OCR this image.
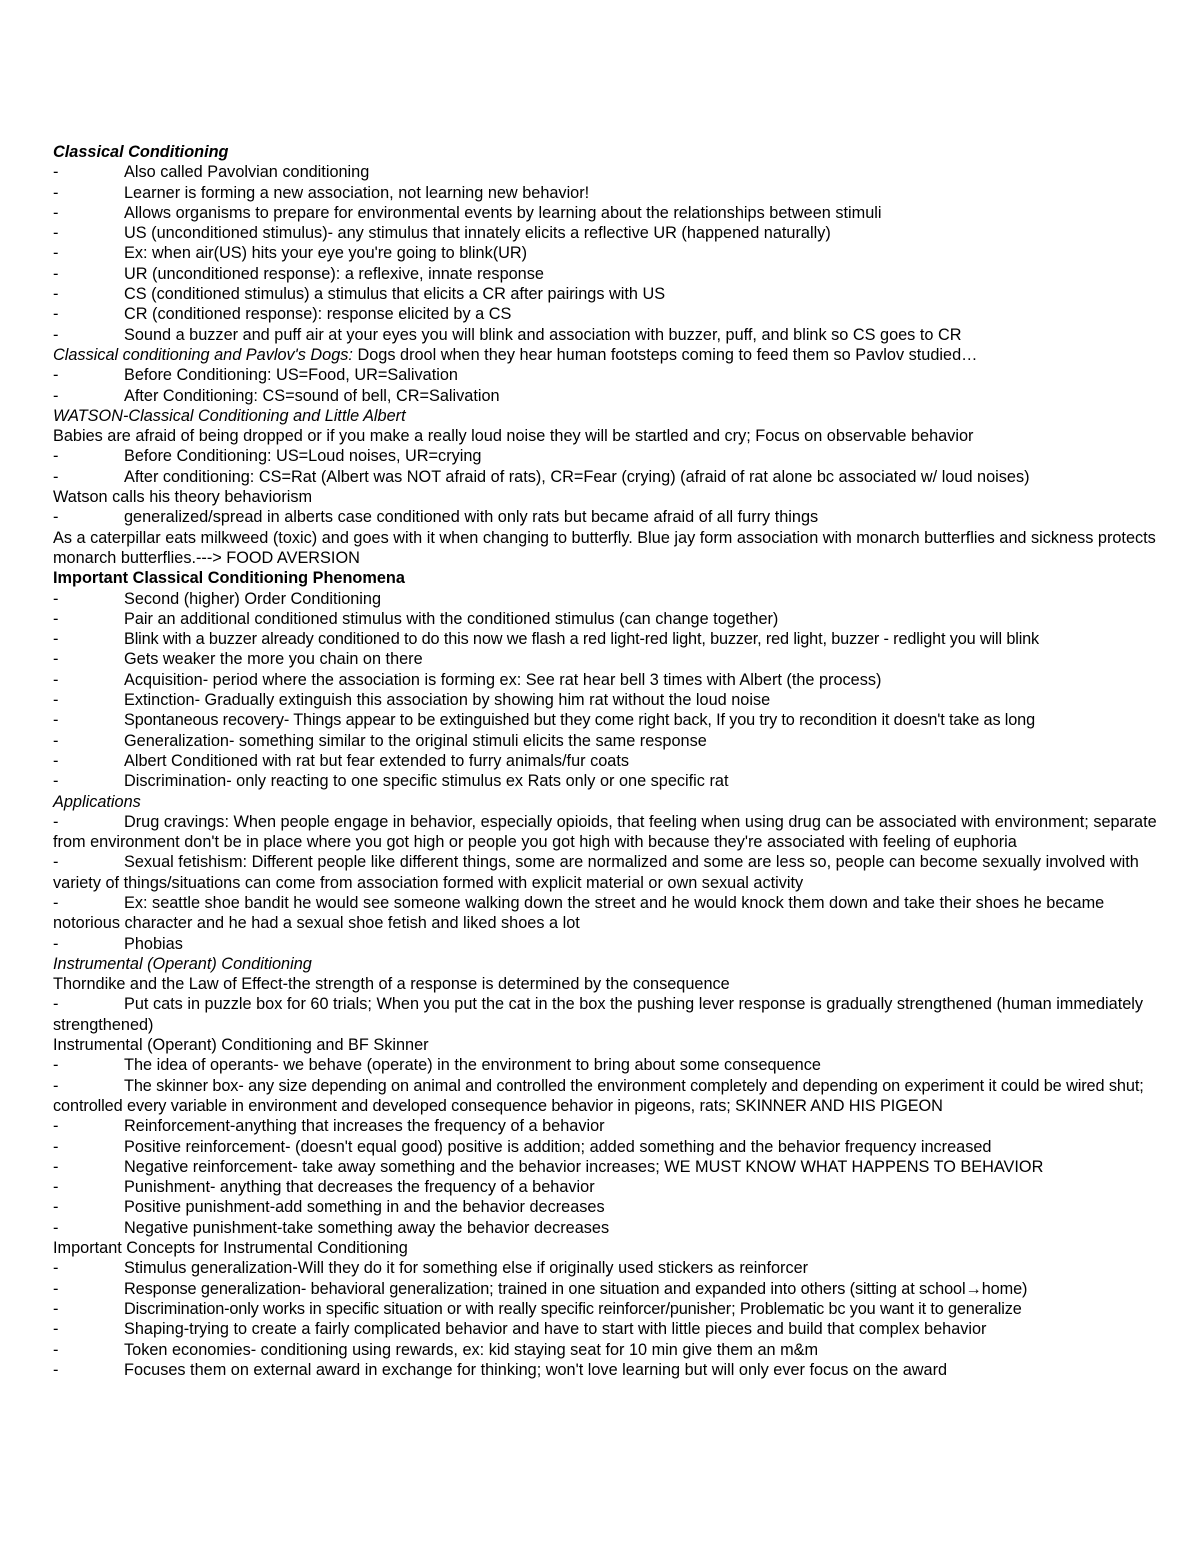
Classical Conditioning
-	Also called Pavolvian conditioning
-	Learner is forming a new association, not learning new behavior!
-	Allows organisms to prepare for environmental events by learning about the relationships between stimuli
-	US (unconditioned stimulus)- any stimulus that innately elicits a reflective UR (happened naturally)
-	Ex: when air(US) hits your eye you're going to blink(UR)
-	UR (unconditioned response): a reflexive, innate response
-	CS (conditioned stimulus) a stimulus that elicits a CR after pairings with US
-	CR (conditioned response): response elicited by a CS
-	Sound a buzzer and puff air at your eyes you will blink and association with buzzer, puff, and blink so CS goes to CR
Classical conditioning and Pavlov's Dogs: Dogs drool when they hear human footsteps coming to feed them so Pavlov studied…
-	Before Conditioning: US=Food, UR=Salivation
-	After Conditioning: CS=sound of bell, CR=Salivation
WATSON-Classical Conditioning and Little Albert
Babies are afraid of being dropped or if you make a really loud noise they will be startled and cry; Focus on observable behavior
-	Before Conditioning: US=Loud noises, UR=crying
-	After conditioning: CS=Rat (Albert was NOT afraid of rats), CR=Fear (crying) (afraid of rat alone bc associated w/ loud noises)
Watson calls his theory behaviorism
-	generalized/spread in alberts case conditioned with only rats but became afraid of all furry things
As a caterpillar eats milkweed (toxic) and goes with it when changing to butterfly. Blue jay form association with monarch butterflies and sickness protects monarch butterflies.---> FOOD AVERSION
Important Classical Conditioning Phenomena
-	Second (higher) Order Conditioning
-	Pair an additional conditioned stimulus with the conditioned stimulus (can change together)
-	Blink with a buzzer already conditioned to do this now we flash a red light-red light, buzzer, red light, buzzer - redlight you will blink
-	Gets weaker the more you chain on there
-	Acquisition- period where the association is forming ex: See rat hear bell 3 times with Albert (the process)
-	Extinction- Gradually extinguish this association by showing him rat without the loud noise
-	Spontaneous recovery- Things appear to be extinguished but they come right back, If you try to recondition it doesn't take as long
-	Generalization- something similar to the original stimuli elicits the same response
-	Albert Conditioned with rat but fear extended to furry animals/fur coats
-	Discrimination- only reacting to one specific stimulus ex Rats only or one specific rat
Applications
-	Drug cravings: When people engage in behavior, especially opioids, that feeling when using drug can be associated with environment; separate from environment don't be in place where you got high or people you got high with because they're associated with feeling of euphoria
-	Sexual fetishism: Different people like different things, some are normalized and some are less so, people can become sexually involved with variety of things/situations can come from association formed with explicit material or own sexual activity
-	Ex: seattle shoe bandit he would see someone walking down the street and he would knock them down and take their shoes he became notorious character and he had a sexual shoe fetish and liked shoes a lot
-	Phobias
Instrumental (Operant) Conditioning
Thorndike and the Law of Effect-the strength of a response is determined by the consequence
-	Put cats in puzzle box for 60 trials; When you put the cat in the box the pushing lever response is gradually strengthened (human immediately strengthened)
Instrumental (Operant) Conditioning and BF Skinner
-	The idea of operants- we behave (operate) in the environment to bring about some consequence
-	The skinner box- any size depending on animal and controlled the environment completely and depending on experiment it could be wired shut; controlled every variable in environment and developed consequence behavior in pigeons, rats; SKINNER AND HIS PIGEON
-	Reinforcement-anything that increases the frequency of a behavior
-	Positive reinforcement- (doesn't equal good) positive is addition; added something and the behavior frequency increased
-	Negative reinforcement- take away something and the behavior increases; WE MUST KNOW WHAT HAPPENS TO BEHAVIOR
-	Punishment- anything that decreases the frequency of a behavior
-	Positive punishment-add something in and the behavior decreases
-	Negative punishment-take something away the behavior decreases
Important Concepts for Instrumental Conditioning
-	Stimulus generalization-Will they do it for something else if originally used stickers as reinforcer
-	Response generalization- behavioral generalization; trained in one situation and expanded into others (sitting at school→home)
-	Discrimination-only works in specific situation or with really specific reinforcer/punisher; Problematic bc you want it to generalize
-	Shaping-trying to create a fairly complicated behavior and have to start with little pieces and build that complex behavior
-	Token economies- conditioning using rewards, ex: kid staying seat for 10 min give them an m&m
-	Focuses them on external award in exchange for thinking; won't love learning but will only ever focus on the award
